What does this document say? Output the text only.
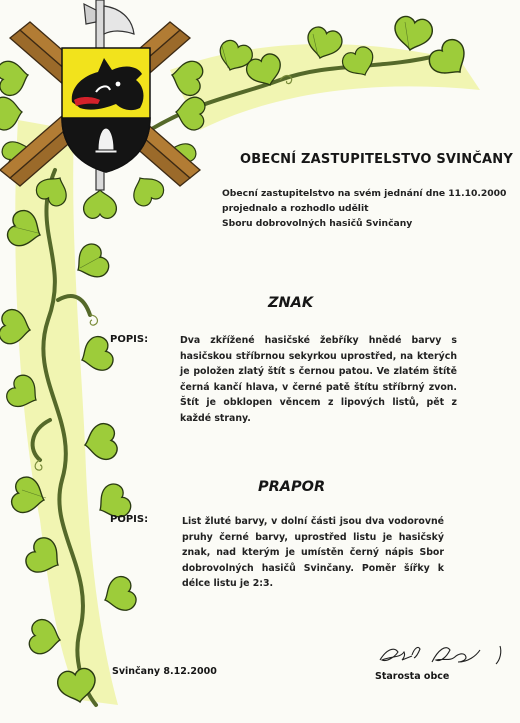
OBECNÍ ZASTUPITELSTVO SVINČANY
Obecní zastupitelstvo na svém jednání dne 11.10.2000
projednalo a rozhodlo udělit
Sboru dobrovolných hasičů Svinčany
ZNAK
POPIS:	Dva zkřížené hasičské žebříky hnědé barvy s hasičskou stříbrnou sekyrkou uprostřed, na kterých je položen zlatý štít s černou patou. Ve zlatém štítě černá kančí hlava, v černé patě štítu stříbrný zvon. Štít je obklopen věncem z lipových listů, pět z každé strany.

PRAPOR
POPIS:	List žluté barvy, v dolní části jsou dva vodorovné pruhy černé barvy, uprostřed listu je hasičský znak, nad kterým je umístěn černý nápis Sbor dobrovolných hasičů Svinčany. Poměr šířky k délce listu je 2:3.

Svinčany 8.12.2000	Starosta obce
